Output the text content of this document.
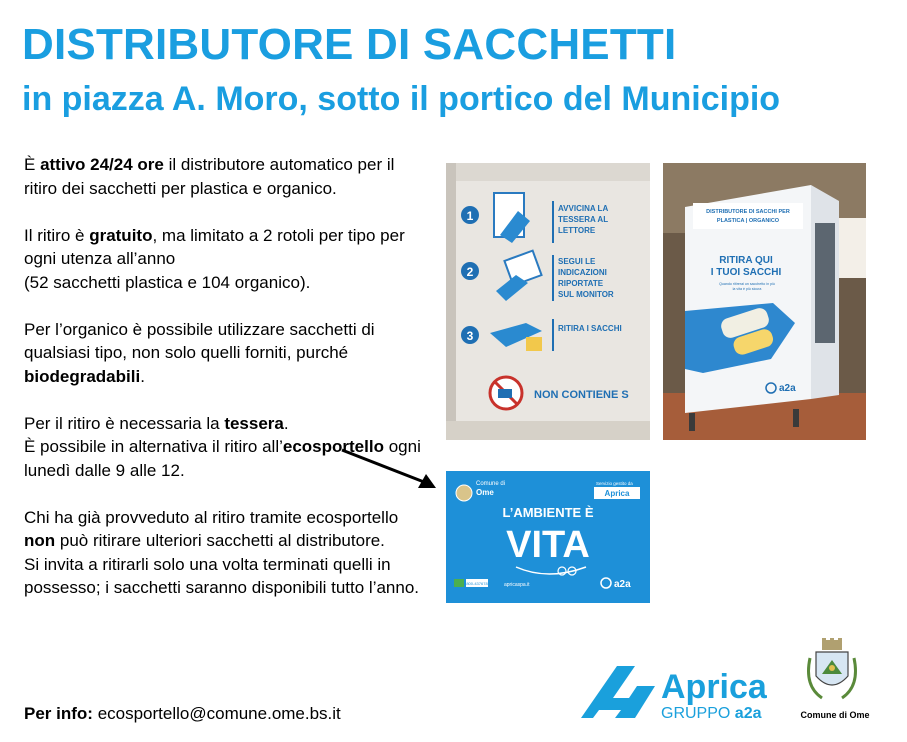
DISTRIBUTORE DI SACCHETTI
in piazza A. Moro, sotto il portico del Municipio

È attivo 24/24 ore il distributore automatico per il ritiro dei sacchetti per plastica e organico.

Il ritiro è gratuito, ma limitato a 2 rotoli per tipo per ogni utenza all’anno
(52 sacchetti plastica e 104 organico).

Per l’organico è possibile utilizzare sacchetti di qualsiasi tipo, non solo quelli forniti, purché biodegradabili.

Per il ritiro è necessaria la tessera.
È possibile in alternativa il ritiro all’ecosportello ogni lunedì dalle 9 alle 12.

Chi ha già provveduto al ritiro tramite ecosportello non può ritirare ulteriori sacchetti al distributore.
Si invita a ritirarli solo una volta terminati quelli in possesso; i sacchetti saranno disponibili tutto l’anno.

Per info: ecosportello@comune.ome.bs.it
1
AVVICINA LA
TESSERA AL
LETTORE
2
SEGUI LE
INDICAZIONI
RIPORTATE
SUL MONITOR
3
RITIRA I SACCHI
NON CONTIENE S
DISTRIBUTORE DI SACCHI PER
PLASTICA | ORGANICO
RITIRA QUI
I TUOI SACCHI
Quando ritirerai un sacchetto in più
la vita è più sicura
a2a
Comune di
Ome
Servizio gestito da
Aprica
L’AMBIENTE È
VITA
800-437678	apricaspa.it	a2a
Aprica
GRUPPO a2a	Comune di Ome
